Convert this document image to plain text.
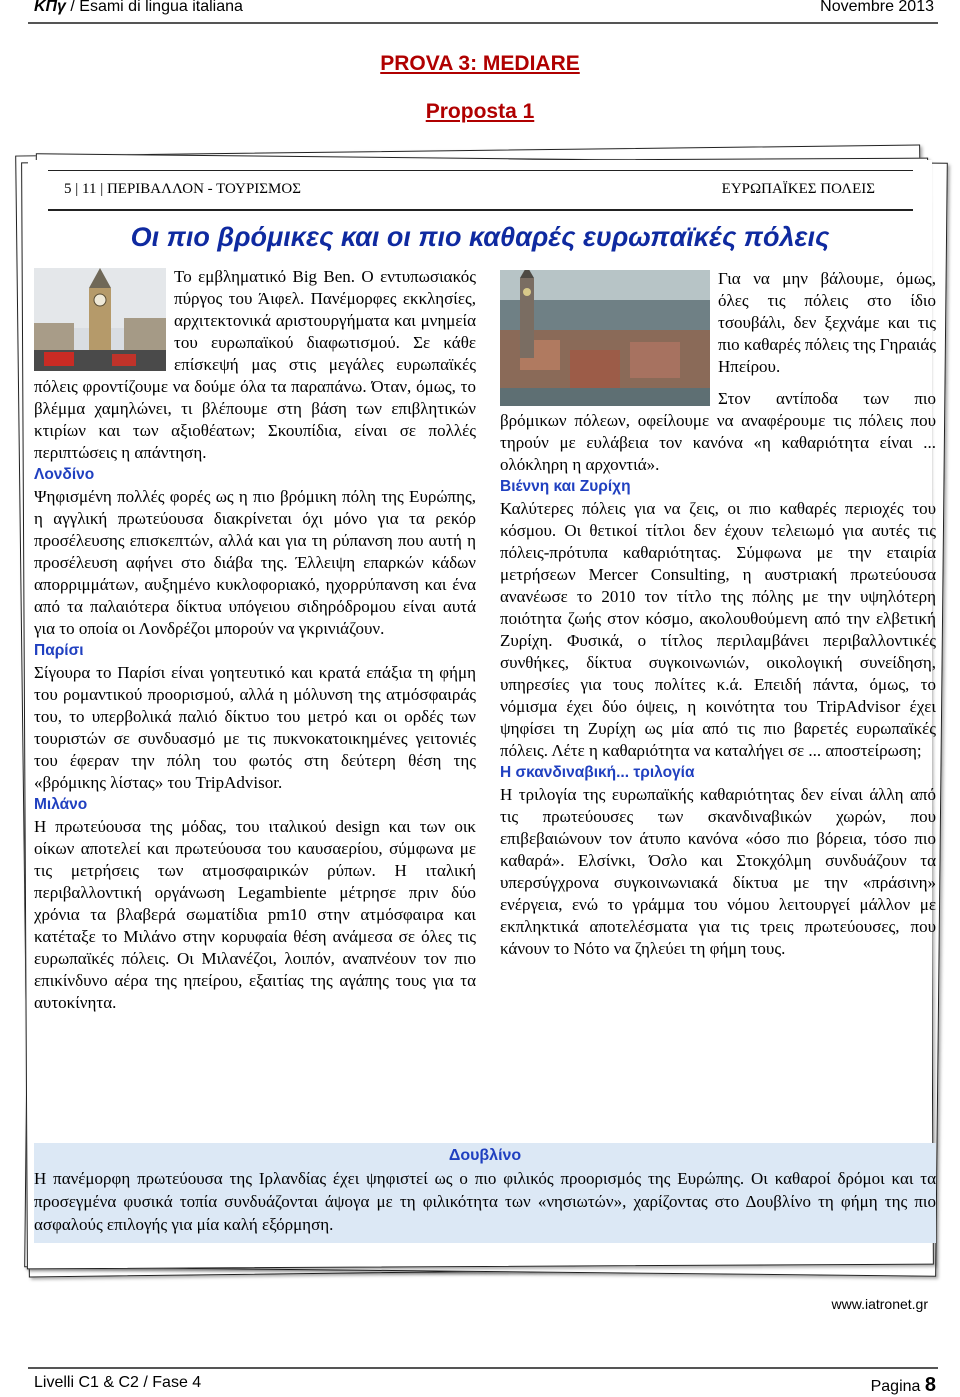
ΚΠγ / Esami di lingua italiana	Novembre 2013
PROVA 3: MEDIARE
Proposta 1
5 | 11 | ΠΕΡΙΒΑΛΛΟΝ - ΤΟΥΡΙΣΜΟΣ	ΕΥΡΩΠΑΪΚΕΣ ΠΟΛΕΙΣ
Οι πιο βρόμικες και οι πιο καθαρές ευρωπαϊκές πόλεις
Το εμβληματικό Big Ben. Ο εντυπωσιακός πύργος του Άιφελ. Πανέμορφες εκκλησίες, αρχιτεκτονικά αριστουργήματα και μνημεία του ευρωπαϊκού διαφωτισμού. Σε κάθε επίσκεψή μας στις μεγάλες ευρωπαϊκές πόλεις φροντίζουμε να δούμε όλα τα παραπάνω. Όταν, όμως, το βλέμμα χαμηλώνει, τι βλέπουμε στη βάση των επιβλητικών κτιρίων και των αξιοθέατων; Σκουπίδια, είναι σε πολλές περιπτώσεις η απάντηση.
Λονδίνο
Ψηφισμένη πολλές φορές ως η πιο βρόμικη πόλη της Ευρώπης, η αγγλική πρωτεύουσα διακρίνεται όχι μόνο για τα ρεκόρ προσέλευσης επισκεπτών, αλλά και για τη ρύπανση που αυτή η προσέλευση αφήνει στο διάβα της. Έλλειψη επαρκών κάδων απορριμμάτων, αυξημένο κυκλοφοριακό, ηχορρύπανση και ένα από τα παλαιότερα δίκτυα υπόγειου σιδηρόδρομου είναι αυτά για το οποία οι Λονδρέζοι μπορούν να γκρινιάζουν.
Παρίσι
Σίγουρα το Παρίσι είναι γοητευτικό και κρατά επάξια τη φήμη του ρομαντικού προορισμού, αλλά η μόλυνση της ατμόσφαιράς του, το υπερβολικά παλιό δίκτυο του μετρό και οι ορδές των τουριστών σε συνδυασμό με τις πυκνοκατοικημένες γειτονιές του έφεραν την πόλη του φωτός στη δεύτερη θέση της «βρόμικης λίστας» του TripAdvisor.
Μιλάνο
Η πρωτεύουσα της μόδας, του ιταλικού design και των οικ οίκων αποτελεί και πρωτεύουσα του καυσαερίου, σύμφωνα με τις μετρήσεις των ατμοσφαιρικών ρύπων. Η ιταλική περιβαλλοντική οργάνωση Legambiente μέτρησε πριν δύο χρόνια τα βλαβερά σωματίδια pm10 στην ατμόσφαιρα και κατέταξε το Μιλάνο στην κορυφαία θέση ανάμεσα σε όλες τις ευρωπαϊκές πόλεις. Οι Μιλανέζοι, λοιπόν, αναπνέουν τον πιο επικίνδυνο αέρα της ηπείρου, εξαιτίας της αγάπης τους για τα αυτοκίνητα.
Για να μην βάλουμε, όμως, όλες τις πόλεις στο ίδιο τσουβάλι, δεν ξεχνάμε και τις πιο καθαρές πόλεις της Γηραιάς Ηπείρου.
Στον αντίποδα των πιο βρόμικων πόλεων, οφείλουμε να αναφέρουμε τις πόλεις που τηρούν με ευλάβεια τον κανόνα «η καθαριότητα είναι ... ολόκληρη η αρχοντιά».
Βιέννη και Ζυρίχη
Καλύτερες πόλεις για να ζεις, οι πιο καθαρές περιοχές του κόσμου. Οι θετικοί τίτλοι δεν έχουν τελειωμό για αυτές τις πόλεις-πρότυπα καθαριότητας. Σύμφωνα με την εταιρία μετρήσεων Mercer Consulting, η αυστριακή πρωτεύουσα ανανέωσε το 2010 τον τίτλο της πόλης με την υψηλότερη ποιότητα ζωής στον κόσμο, ακολουθούμενη από την ελβετική Ζυρίχη. Φυσικά, ο τίτλος περιλαμβάνει περιβαλλοντικές συνθήκες, δίκτυα συγκοινωνιών, οικολογική συνείδηση, υπηρεσίες για τους πολίτες κ.ά. Επειδή πάντα, όμως, το νόμισμα έχει δύο όψεις, η κοινότητα του TripAdvisor έχει ψηφίσει τη Ζυρίχη ως μία από τις πιο βαρετές ευρωπαϊκές πόλεις. Λέτε η καθαριότητα να καταλήγει σε ... αποστείρωση;
Η σκανδιναβική... τριλογία
Η τριλογία της ευρωπαϊκής καθαριότητας δεν είναι άλλη από τις πρωτεύουσες των σκανδιναβικών χωρών, που επιβεβαιώνουν τον άτυπο κανόνα «όσο πιο βόρεια, τόσο πιο καθαρά». Ελσίνκι, Όσλο και Στοκχόλμη συνδυάζουν τα υπερσύγχρονα συγκοινωνιακά δίκτυα με την «πράσινη» ενέργεια, ενώ το γράμμα του νόμου λειτουργεί μάλλον με εκπληκτικά αποτελέσματα για τις τρεις πρωτεύουσες, που κάνουν το Νότο να ζηλεύει τη φήμη τους.
Δουβλίνο
Η πανέμορφη πρωτεύουσα της Ιρλανδίας έχει ψηφιστεί ως ο πιο φιλικός προορισμός της Ευρώπης. Οι καθαροί δρόμοι και τα προσεγμένα φυσικά τοπία συνδυάζονται άψογα με τη φιλικότητα των «νησιωτών», χαρίζοντας στο Δουβλίνο τη φήμη της πιο ασφαλούς επιλογής για μία καλή εξόρμηση.
www.iatronet.gr
Livelli C1 & C2 / Fase 4	Pagina 8
